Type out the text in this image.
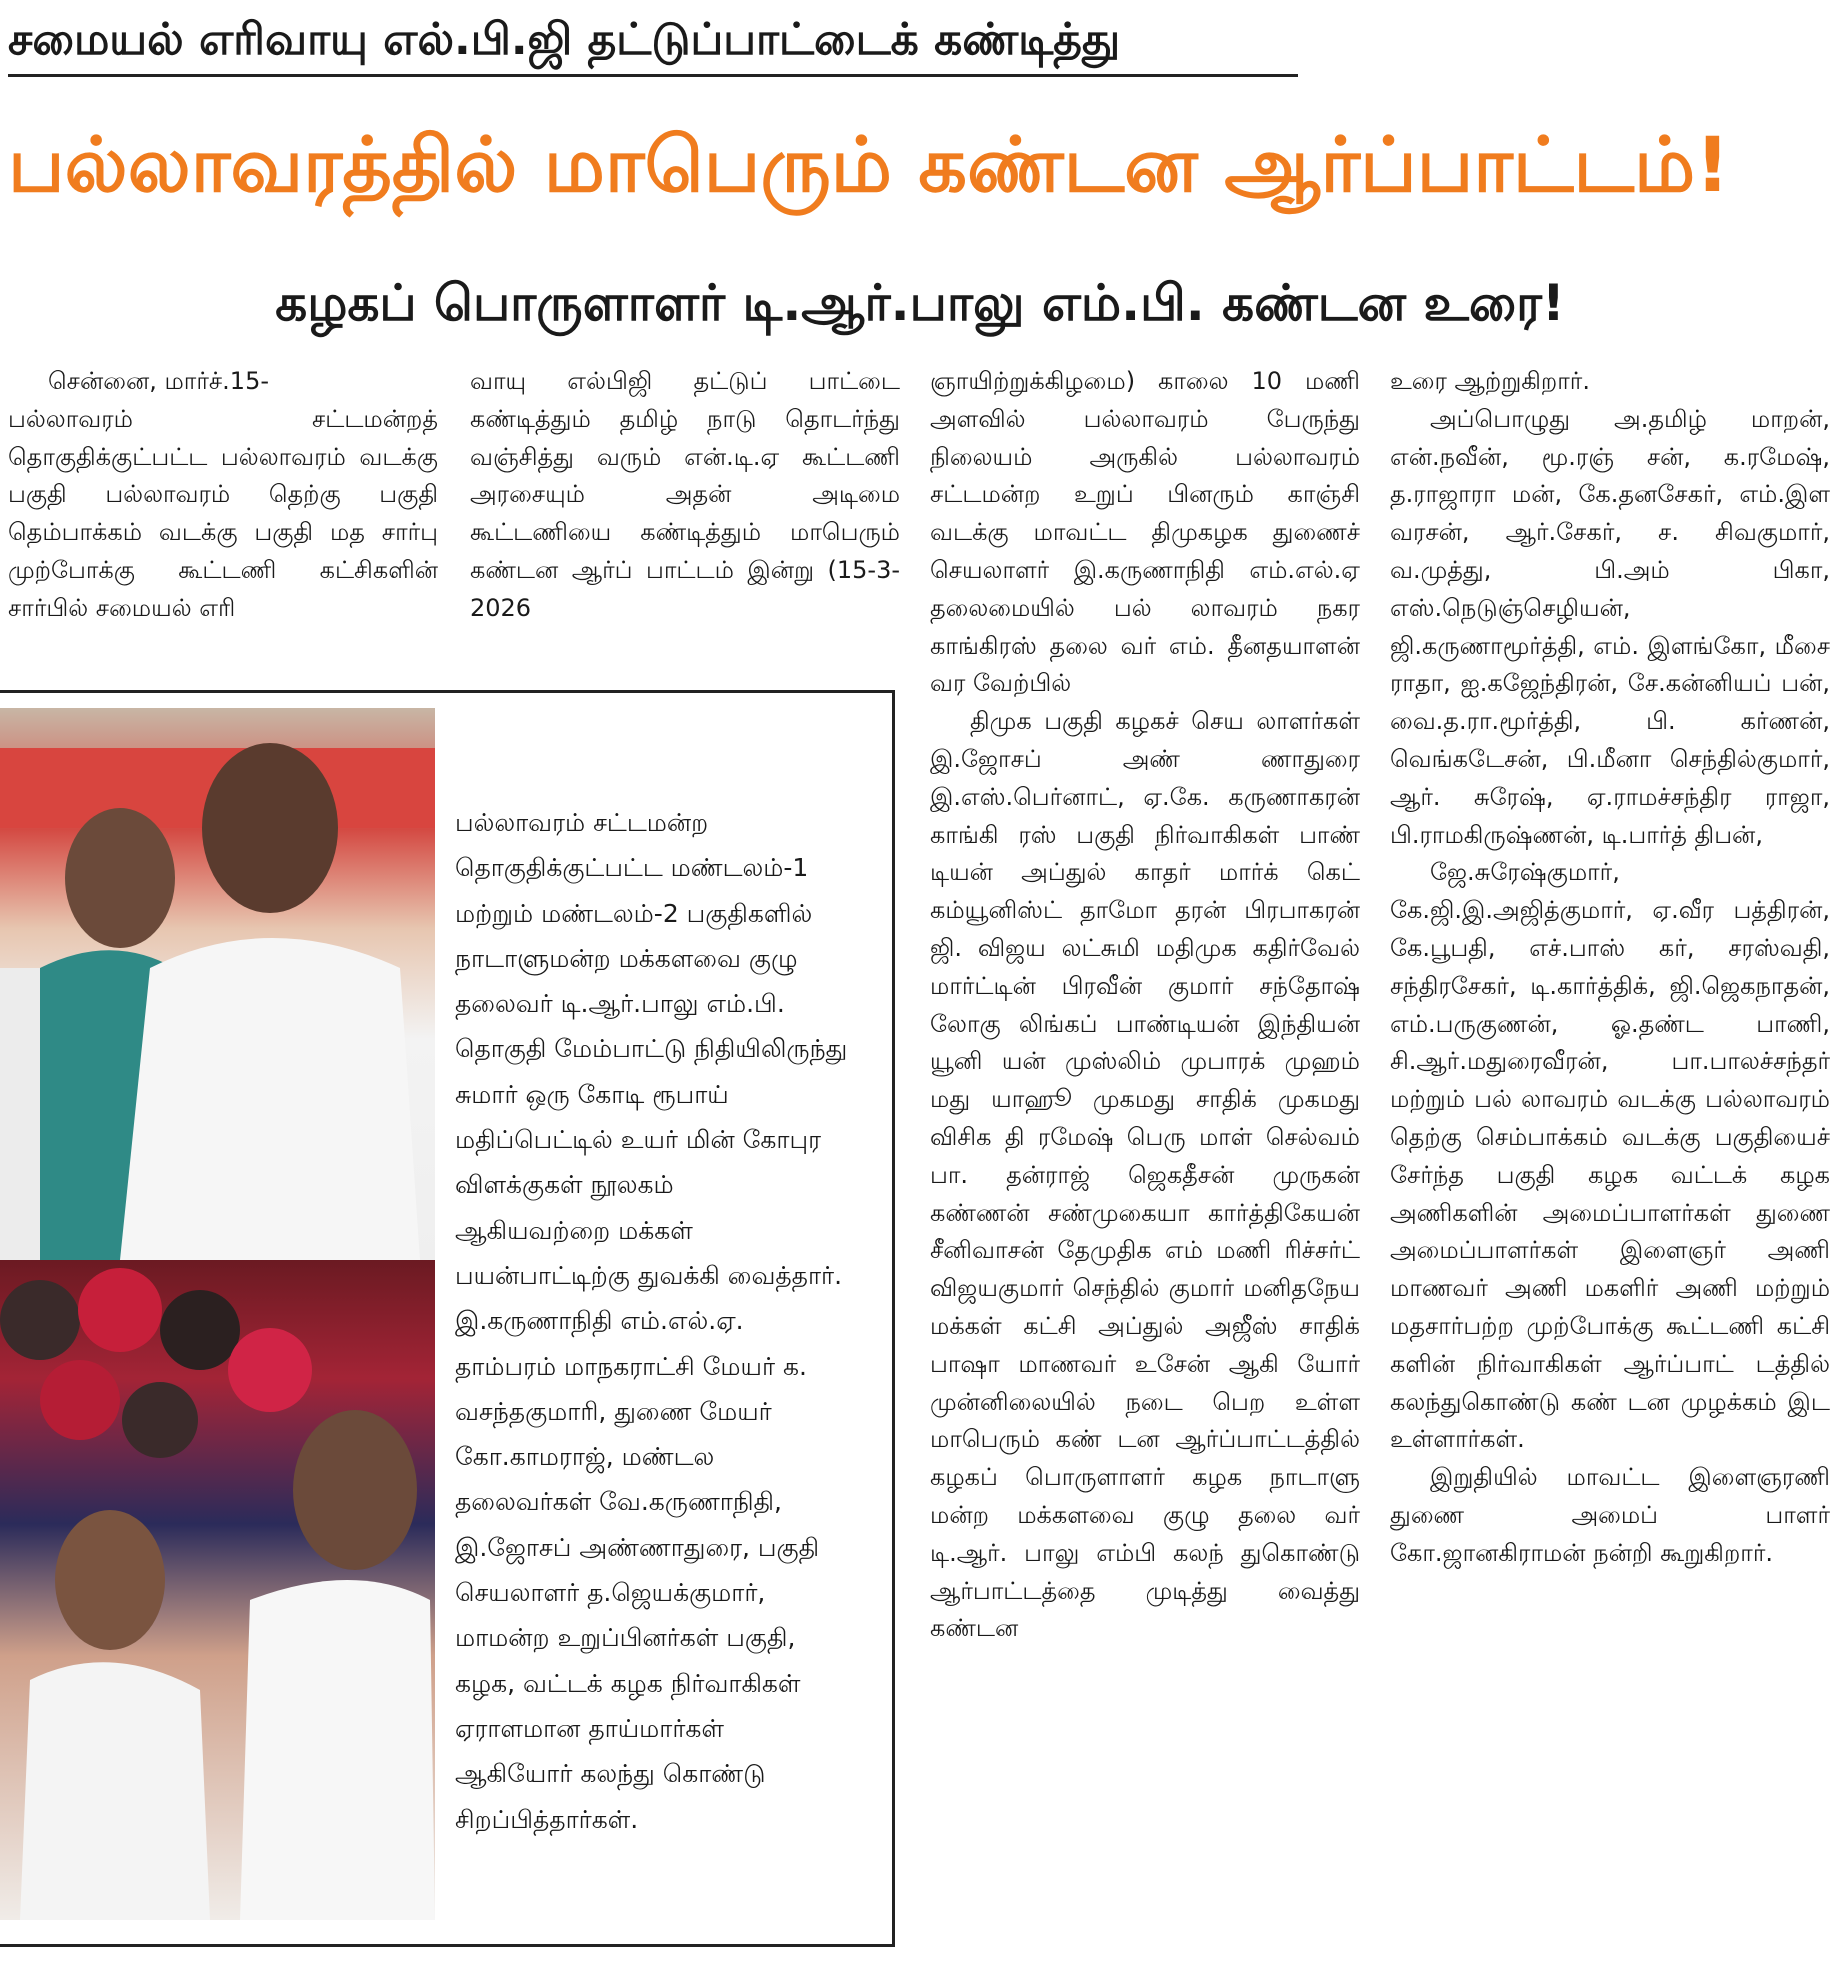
சமையல் எரிவாயு எல்.பி.ஜி தட்டுப்பாட்டைக் கண்டித்து
பல்லாவரத்தில் மாபெரும் கண்டன ஆர்ப்பாட்டம்!
கழகப் பொருளாளர் டி.ஆர்.பாலு எம்.பி. கண்டன உரை!

சென்னை, மார்ச்.15-

பல்லாவரம் சட்டமன்றத் தொகுதிக்குட்பட்ட பல்லாவரம் வடக்கு பகுதி பல்லாவரம் தெற்கு பகுதி தெம்பாக்கம் வடக்கு பகுதி மத சார்பு முற்போக்கு கூட்டணி கட்சிகளின் சார்பில் சமையல் எரி

வாயு எல்பிஜி தட்டுப் பாட்டை கண்டித்தும் தமிழ் நாடு தொடர்ந்து வஞ்சித்து வரும் என்.டி.ஏ கூட்டணி அரசையும் அதன் அடிமை கூட்டணியை கண்டித்தும் மாபெரும் கண்டன ஆர்ப் பாட்டம் இன்று (15-3-2026

ஞாயிற்றுக்கிழமை) காலை 10 மணி அளவில் பல்லாவரம் பேருந்து நிலையம் அருகில் பல்லாவரம் சட்டமன்ற உறுப் பினரும் காஞ்சி வடக்கு மாவட்ட திமுகழக துணைச் செயலாளர் இ.கருணாநிதி எம்.எல்.ஏ தலைமையில் பல் லாவரம் நகர காங்கிரஸ் தலை வர் எம். தீனதயாளன் வர வேற்பில்

திமுக பகுதி கழகச் செய லாளர்கள் இ.ஜோசப் அண் ணாதுரை இ.எஸ்.பெர்னாட், ஏ.கே. கருணாகரன் காங்கி ரஸ் பகுதி நிர்வாகிகள் பாண் டியன் அப்துல் காதர் மார்க் கெட் கம்யூனிஸ்ட் தாமோ தரன் பிரபாகரன் ஜி. விஜய லட்சுமி மதிமுக கதிர்வேல் மார்ட்டின் பிரவீன் குமார் சந்தோஷ் லோகு லிங்கப் பாண்டியன் இந்தியன் யூனி யன் முஸ்லிம் முபாரக் முஹம் மது யாஹூ முகமது சாதிக் முகமது விசிக தி ரமேஷ் பெரு மாள் செல்வம் பா. தன்ராஜ் ஜெகதீசன் முருகன் கண்ணன் சண்முகையா கார்த்திகேயன் சீனிவாசன் தேமுதிக எம் மணி ரிச்சர்ட் விஜயகுமார் செந்தில் குமார் மனிதநேய மக்கள் கட்சி அப்துல் அஜீஸ் சாதிக் பாஷா மாணவர் உசேன் ஆகி யோர் முன்னிலையில் நடை பெற உள்ள மாபெரும் கண் டன ஆர்ப்பாட்டத்தில் கழகப் பொருளாளர் கழக நாடாளு மன்ற மக்களவை குழு தலை வர் டி.ஆர். பாலு எம்பி கலந் துகொண்டு ஆர்பாட்டத்தை முடித்து வைத்து கண்டன

உரை ஆற்றுகிறார்.

அப்பொழுது அ.தமிழ் மாறன், என்.நவீன், மூ.ரஞ் சன், க.ரமேஷ், த.ராஜாரா மன், கே.தனசேகர், எம்.இள வரசன், ஆர்.சேகர், ச. சிவகுமார், வ.முத்து, பி.அம் பிகா, எஸ்.நெடுஞ்செழியன், ஜி.கருணாமூர்த்தி, எம். இளங்கோ, மீசை ராதா, ஐ.கஜேந்திரன், சே.கன்னியப் பன், வை.த.ரா.மூர்த்தி, பி. கர்ணன், வெங்கடேசன், பி.மீனா செந்தில்குமார், ஆர். சுரேஷ், ஏ.ராமச்சந்திர ராஜா, பி.ராமகிருஷ்ணன், டி.பார்த் திபன்,

ஜே.சுரேஷ்குமார், கே.ஜி.இ.அஜித்குமார், ஏ.வீர பத்திரன், கே.பூபதி, எச்.பாஸ் கர், சரஸ்வதி, சந்திரசேகர், டி.கார்த்திக், ஜி.ஜெகநாதன், எம்.பருகுணன், ஓ.தண்ட பாணி, சி.ஆர்.மதுரைவீரன், பா.பாலச்சந்தர் மற்றும் பல் லாவரம் வடக்கு பல்லாவரம் தெற்கு செம்பாக்கம் வடக்கு பகுதியைச் சேர்ந்த பகுதி கழக வட்டக் கழக அணிகளின் அமைப்பாளர்கள் துணை அமைப்பாளர்கள் இளைஞர் அணி மாணவர் அணி மகளிர் அணி மற்றும் மதசார்பற்ற முற்போக்கு கூட்டணி கட்சி களின் நிர்வாகிகள் ஆர்ப்பாட் டத்தில் கலந்துகொண்டு கண் டன முழக்கம் இட உள்ளார்கள்.

இறுதியில் மாவட்ட இளைஞரணி துணை அமைப் பாளர் கோ.ஜானகிராமன் நன்றி கூறுகிறார்.

பல்லாவரம் சட்டமன்ற

தொகுதிக்குட்பட்ட மண்டலம்-1

மற்றும் மண்டலம்-2 பகுதிகளில்

நாடாளுமன்ற மக்களவை குழு

தலைவர் டி.ஆர்.பாலு எம்.பி.

தொகுதி மேம்பாட்டு நிதியிலிருந்து

சுமார் ஒரு கோடி ரூபாய்

மதிப்பெட்டில் உயர் மின் கோபுர

விளக்குகள் நூலகம்

ஆகியவற்றை மக்கள்

பயன்பாட்டிற்கு துவக்கி வைத்தார்.

இ.கருணாநிதி எம்.எல்.ஏ.

தாம்பரம் மாநகராட்சி மேயர் க.

வசந்தகுமாரி, துணை மேயர்

கோ.காமராஜ், மண்டல

தலைவர்கள் வே.கருணாநிதி,

இ.ஜோசப் அண்ணாதுரை, பகுதி

செயலாளர் த.ஜெயக்குமார்,

மாமன்ற உறுப்பினர்கள் பகுதி,

கழக, வட்டக் கழக நிர்வாகிகள்

ஏராளமான தாய்மார்கள்

ஆகியோர் கலந்து கொண்டு

சிறப்பித்தார்கள்.
